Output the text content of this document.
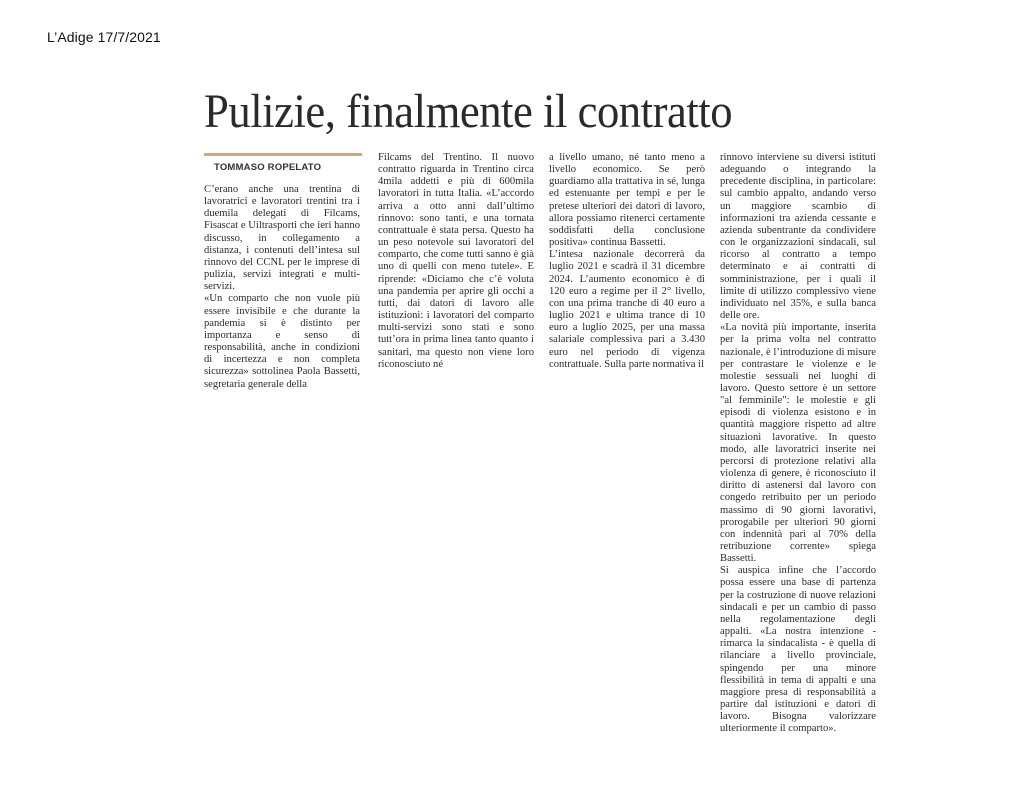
L’Adige 17/7/2021
Pulizie, finalmente il contratto
TOMMASO ROPELATO

C’erano anche una trentina di lavoratrici e lavoratori trentini tra i duemila delegati di Filcams, Fisascat e Uiltrasporti che ieri hanno discusso, in collegamento a distanza, i contenuti dell’intesa sul rinnovo del CCNL per le imprese di pulizia, servizi integrati e multi-servizi.

«Un comparto che non vuole più essere invisibile e che durante la pandemia si è distinto per importanza e senso di responsabilità, anche in condizioni di incertezza e non completa sicurezza» sottolinea Paola Bassetti, segretaria generale della

Filcams del Trentino. Il nuovo contratto riguarda in Trentino circa 4mila addetti e più di 600mila lavoratori in tutta Italia. «L’accordo arriva a otto anni dall’ultimo rinnovo: sono tanti, e una tornata contrattuale è stata persa. Questo ha un peso notevole sui lavoratori del comparto, che come tutti sanno è già uno di quelli con meno tutele». E riprende: «Diciamo che c’è voluta una pandemia per aprire gli occhi a tutti, dai datori di lavoro alle istituzioni: i lavoratori del comparto multi-servizi sono stati e sono tutt’ora in prima linea tanto quanto i sanitari, ma questo non viene loro riconosciuto né

a livello umano, né tanto meno a livello economico. Se però guardiamo alla trattativa in sé, lunga ed estenuante per tempi e per le pretese ulteriori dei datori di lavoro, allora possiamo ritenerci certamente soddisfatti della conclusione positiva» continua Bassetti.

L’intesa nazionale decorrerà da luglio 2021 e scadrà il 31 dicembre 2024. L’aumento economico è di 120 euro a regime per il 2° livello, con una prima tranche di 40 euro a luglio 2021 e ultima trance di 10 euro a luglio 2025, per una massa salariale complessiva pari a 3.430 euro nel periodo di vigenza contrattuale. Sulla parte normativa il

rinnovo interviene su diversi istituti adeguando o integrando la precedente disciplina, in particolare: sul cambio appalto, andando verso un maggiore scambio di informazioni tra azienda cessante e azienda subentrante da condividere con le organizzazioni sindacali, sul ricorso al contratto a tempo determinato e ai contratti di somministrazione, per i quali il limite di utilizzo complessivo viene individuato nel 35%, e sulla banca delle ore.

«La novità più importante, inserita per la prima volta nel contratto nazionale, è l’introduzione di misure per contrastare le violenze e le molestie sessuali nei luoghi di lavoro. Questo settore è un settore "al femminile": le molestie e gli episodi di violenza esistono e in quantità maggiore rispetto ad altre situazioni lavorative. In questo modo, alle lavoratrici inserite nei percorsi di protezione relativi alla violenza di genere, è riconosciuto il diritto di astenersi dal lavoro con congedo retribuito per un periodo massimo di 90 giorni lavorativi, prorogabile per ulteriori 90 giorni con indennità pari al 70% della retribuzione corrente» spiega Bassetti.

Si auspica infine che l’accordo possa essere una base di partenza per la costruzione di nuove relazioni sindacali e per un cambio di passo nella regolamentazione degli appalti. «La nostra intenzione - rimarca la sindacalista - è quella di rilanciare a livello provinciale, spingendo per una minore flessibilità in tema di appalti e una maggiore presa di responsabilità a partire dal istituzioni e datori di lavoro. Bisogna valorizzare ulteriormente il comparto».
